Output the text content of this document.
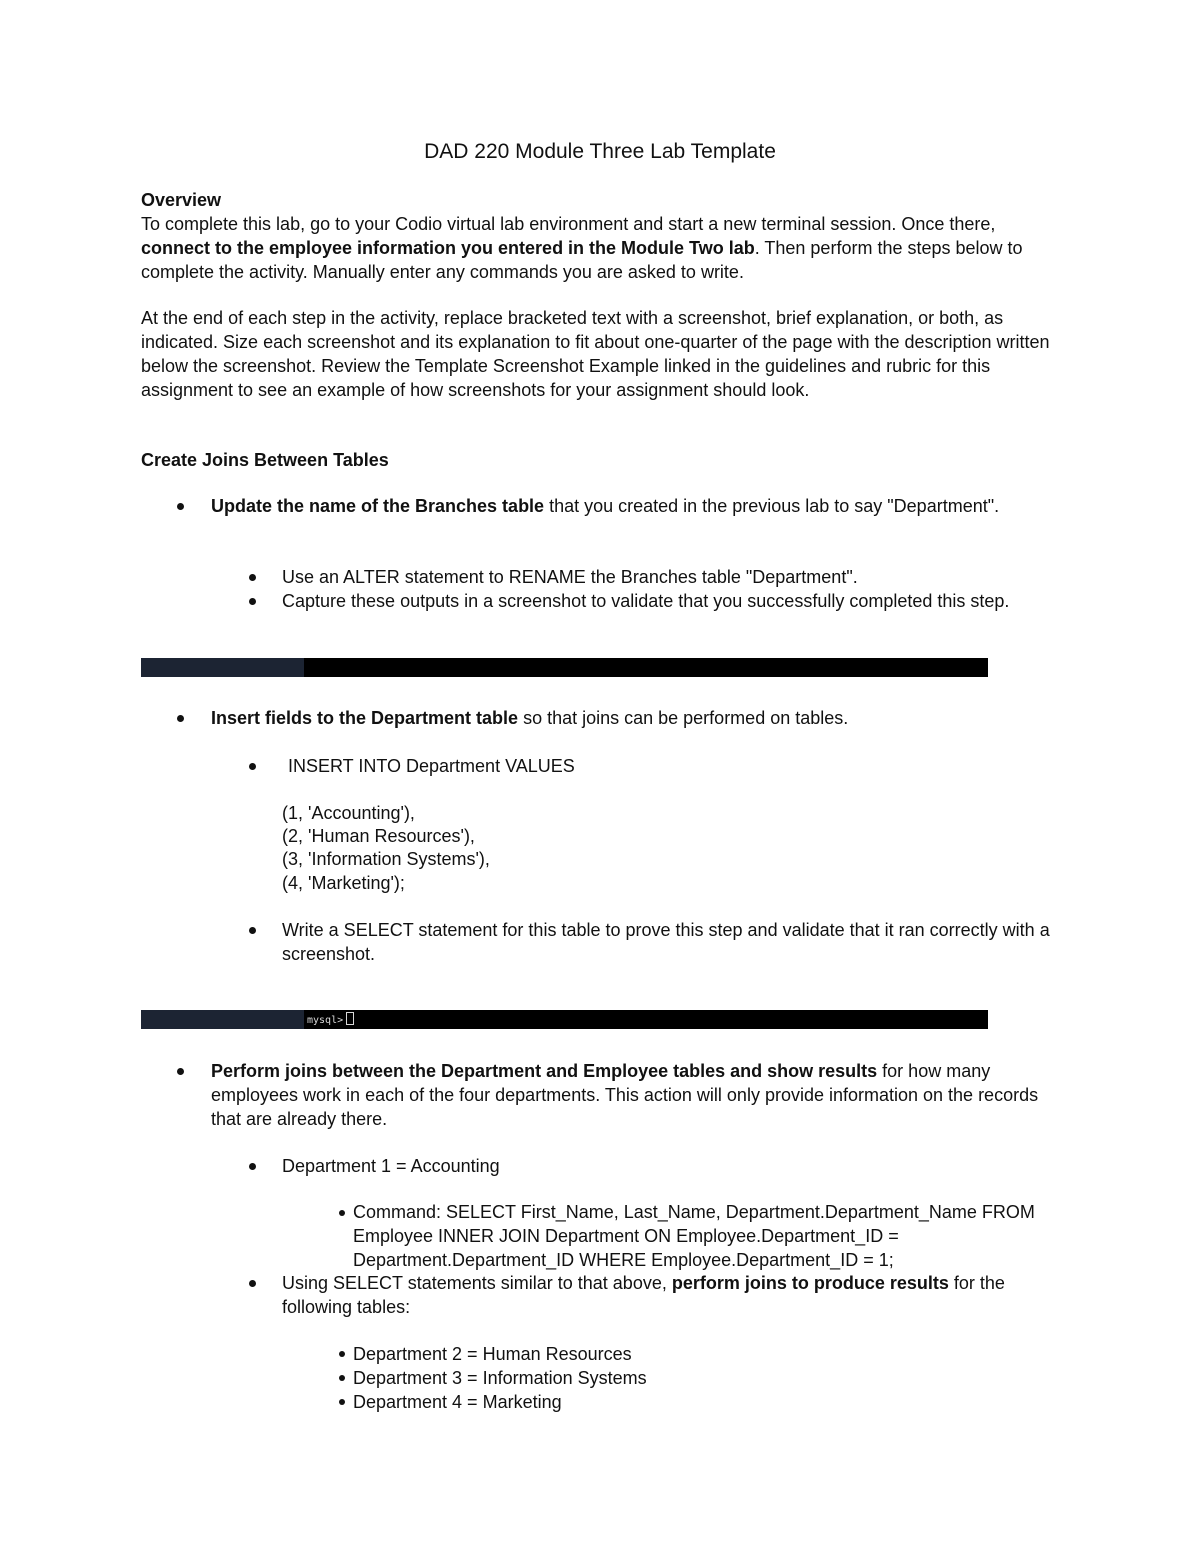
DAD 220 Module Three Lab Template

Overview

To complete this lab, go to your Codio virtual lab environment and start a new terminal session. Once there, connect to the employee information you entered in the Module Two lab. Then perform the steps below to complete the activity. Manually enter any commands you are asked to write.

At the end of each step in the activity, replace bracketed text with a screenshot, brief explanation, or both, as indicated. Size each screenshot and its explanation to fit about one-quarter of the page with the description written below the screenshot. Review the Template Screenshot Example linked in the guidelines and rubric for this assignment to see an example of how screenshots for your assignment should look.

Create Joins Between Tables
Update the name of the Branches table that you created in the previous lab to say "Department".
Use an ALTER statement to RENAME the Branches table "Department".
Capture these outputs in a screenshot to validate that you successfully completed this step.
Insert fields to the Department table so that joins can be performed on tables.
INSERT INTO Department VALUES
(1, 'Accounting'),
(2, 'Human Resources'),
(3, 'Information Systems'),
(4, 'Marketing');
Write a SELECT statement for this table to prove this step and validate that it ran correctly with a screenshot.
mysql>
Perform joins between the Department and Employee tables and show results for how many employees work in each of the four departments. This action will only provide information on the records that are already there.
Department 1 = Accounting
Command: SELECT First_Name, Last_Name, Department.Department_Name FROM Employee INNER JOIN Department ON Employee.Department_ID = Department.Department_ID WHERE Employee.Department_ID = 1;
Using SELECT statements similar to that above, perform joins to produce results for the following tables:
Department 2 = Human Resources
Department 3 = Information Systems
Department 4 = Marketing
